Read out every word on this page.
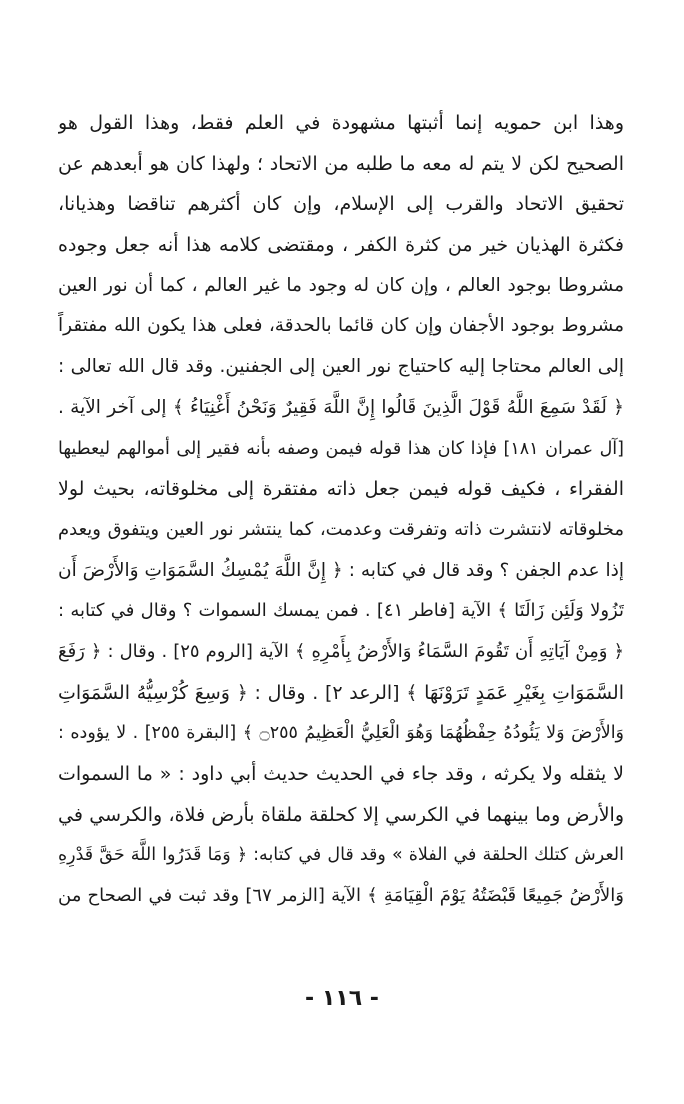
وهذا ابن حمويه إنما أثبتها مشهودة في العلم فقط، وهذا القول هو
الصحيح لكن لا يتم له معه ما طلبه من الاتحاد ؛ ولهذا كان هو أبعدهم عن
تحقيق الاتحاد والقرب إلى الإسلام، وإن كان أكثرهم تناقضا وهذيانا،
فكثرة الهذيان خير من كثرة الكفر ، ومقتضى كلامه هذا أنه جعل وجوده
مشروطا بوجود العالم ، وإن كان له وجود ما غير العالم ، كما أن نور العين
مشروط بوجود الأجفان وإن كان قائما بالحدقة، فعلى هذا يكون الله مفتقراً
إلى العالم محتاجا إليه كاحتياج نور العين إلى الجفنين. وقد قال الله تعالى :
﴿ لَقَدْ سَمِعَ اللَّهُ قَوْلَ الَّذِينَ قَالُوا إِنَّ اللَّهَ فَقِيرٌ وَنَحْنُ أَغْنِيَاءُ ﴾ إلى آخر الآية .
[آل عمران ١٨١] فإذا كان هذا قوله فيمن وصفه بأنه فقير إلى أموالهم ليعطيها
الفقراء ، فكيف قوله فيمن جعل ذاته مفتقرة إلى مخلوقاته، بحيث لولا
مخلوقاته لانتشرت ذاته وتفرقت وعدمت، كما ينتشر نور العين ويتفوق ويعدم
إذا عدم الجفن ؟ وقد قال في كتابه : ﴿ إِنَّ اللَّهَ يُمْسِكُ السَّمَوَاتِ وَالأَرْضَ أَن
تَزُولا وَلَئِن زَالَتَا ﴾ الآية [فاطر ٤١] . فمن يمسك السموات ؟ وقال في كتابه :
﴿ وَمِنْ آيَاتِهِ أَن تَقُومَ السَّمَاءُ وَالأَرْضُ بِأَمْرِهِ ﴾ الآية [الروم ٢٥] . وقال : ﴿ رَفَعَ
السَّمَوَاتِ بِغَيْرِ عَمَدٍ تَرَوْنَهَا ﴾ [الرعد ٢] . وقال : ﴿ وَسِعَ كُرْسِيُّهُ السَّمَوَاتِ
وَالأَرْضَ وَلا يَئُودُهُ حِفْظُهُمَا وَهُوَ الْعَلِيُّ الْعَظِيمُ ۝٢٥٥ ﴾ [البقرة ٢٥٥] . لا يؤوده :
لا يثقله ولا يكرثه ، وقد جاء في الحديث حديث أبي داود : « ما السموات
والأرض وما بينهما في الكرسي إلا كحلقة ملقاة بأرض فلاة، والكرسي في
العرش كتلك الحلقة في الفلاة » وقد قال في كتابه: ﴿ وَمَا قَدَرُوا اللَّهَ حَقَّ قَدْرِهِ
وَالأَرْضُ جَمِيعًا قَبْضَتُهُ يَوْمَ الْقِيَامَةِ ﴾ الآية [الزمر ٦٧] وقد ثبت في الصحاح من
- ١١٦ -
